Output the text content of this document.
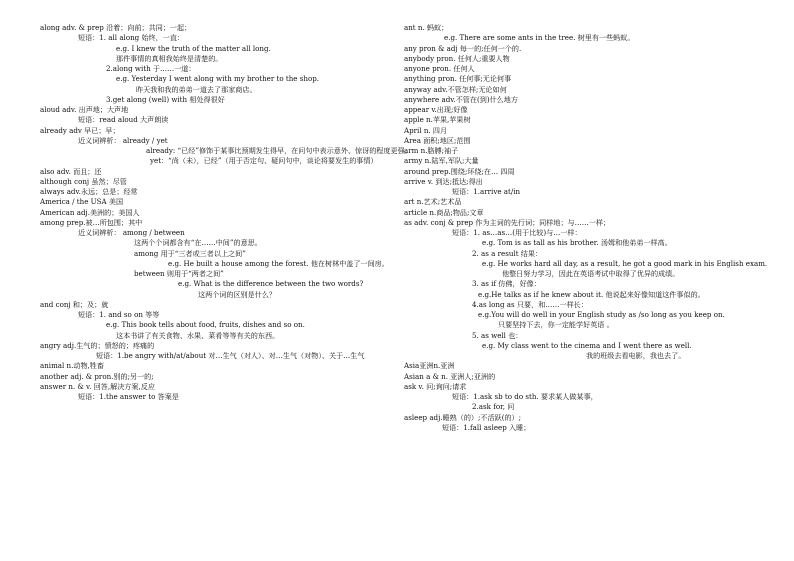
along adv. & prep 沿着；向前；共同；一起；
短语：1. all along 始终，一直：
e.g. I knew the truth of the matter all long.
那件事情的真相我始终是清楚的。
2.along with 于……一道：
e.g. Yesterday I went along with my brother to the shop.
昨天我和我的弟弟一道去了那家商店。
3.get along (well) with 相处得很好
aloud adv. 出声地；大声地
短语：read aloud 大声朗读
already adv 早已；早；
近义词辨析： already / yet
already: “已经”修饰于某事比预期发生得早，在问句中表示意外、惊讶的程度更强。
yet：“尚（未），已经”（用于否定句、疑问句中，谈论将要发生的事情）
also adv. 而且；还
although conj 虽然；尽管
always adv.永远；总是；经常
America / the USA 美国
American adj.美洲的；美国人
among prep.被…所包围；其中
近义词辨析： among / between
这两个个词都含有“在……中间”的意思。
among 用于“三者或三者以上之间”
e.g. He built a house among the forest. 他在树林中盖了一间房。
between 则用于“两者之间”
e.g. What is the difference between the two words?
这两个词的区别是什么？
and conj 和；及；就
短语：1. and so on 等等
e.g. This book tells about food, fruits, dishes and so on.
这本书讲了有关食物、水果、菜肴等等有关的东西。
angry adj.生气的；愤怒的；疼痛的
短语：1.be angry with/at/about 对…生气（对人）、对…生气（对物）、关于…生气
animal n.动物,牲畜
another adj. & pron.别的;另一的;
answer n. & v. 回答,解决方案,反应
短语：1.the answer to 答案是
ant n. 蚂蚁；
e.g. There are some ants in the tree. 树里有一些蚂蚁。
any pron & adj 每一的;任何一个的.
anybody pron. 任何人;重要人物
anyone pron. 任何人
anything pron. 任何事;无论何事
anyway adv.不管怎样;无论如何
anywhere adv.不管在(到)什么地方
appear v.出现;好像
apple n.苹果,苹果树
April n. 四月
Area 面积;地区;范围
arm n.胳膊;袖子
army n.陆军,军队;大量
around prep.围绕;环绕;在… 四周
arrive v. 到达;抵达;得出
短语：1.arrive at/in
art n.艺术;艺术品
article n.商品;物品;文章
as adv. conj & prep 作为主词的先行词；同样地；与……一样；
短语：1. as…as…(用于比较)与…一样：
e.g. Tom is as tall as his brother. 汤姆和他弟弟一样高。
2. as a result 结果：
e.g. He works hard all day, as a result, he got a good mark in his English exam.
他整日努力学习，因此在英语考试中取得了优异的成绩。
3. as if 仿佛，好像：
e.g.He talks as if he knew about it. 他说起来好像知道这件事似的。
4.as long as 只要，和……一样长：
e.g.You will do well in your English study as /so long as you keep on.
只要坚持下去，你一定能学好英语 。
5. as well 也：
e.g. My class went to the cinema and I went there as well.
我的班级去看电影，我也去了。
Asia亚洲n.亚洲
Asian a & n. 亚洲人;亚洲的
ask v. 问;询问;请求
短语：1.ask sb to do sth. 要求某人做某事，
2.ask for, 问
asleep adj.睡熟（的）;不活跃(的）;
短语：1.fall asleep 入睡；
